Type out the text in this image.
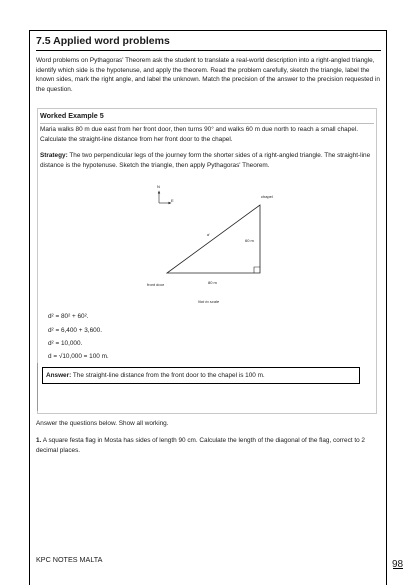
7.5 Applied word problems
Word problems on Pythagoras' Theorem ask the student to translate a real-world description into a right-angled triangle, identify which side is the hypotenuse, and apply the theorem. Read the problem carefully, sketch the triangle, label the known sides, mark the right angle, and label the unknown. Match the precision of the answer to the precision requested in the question.
Worked Example 5
Maria walks 80 m due east from her front door, then turns 90° and walks 60 m due north to reach a small chapel. Calculate the straight-line distance from her front door to the chapel.
Strategy: The two perpendicular legs of the journey form the shorter sides of a right-angled triangle. The straight-line distance is the hypotenuse. Sketch the triangle, then apply Pythagoras' Theorem.
N
E
chapel
front door
d
60 m
80 m
Not to scale
d² = 80² + 60².
d² = 6,400 + 3,600.
d² = 10,000.
d = √10,000 = 100 m.
Answer: The straight-line distance from the front door to the chapel is 100 m.
Answer the questions below. Show all working.
1. A square festa flag in Mosta has sides of length 90 cm. Calculate the length of the diagonal of the flag, correct to 2 decimal places.
KPC NOTES MALTA	98
